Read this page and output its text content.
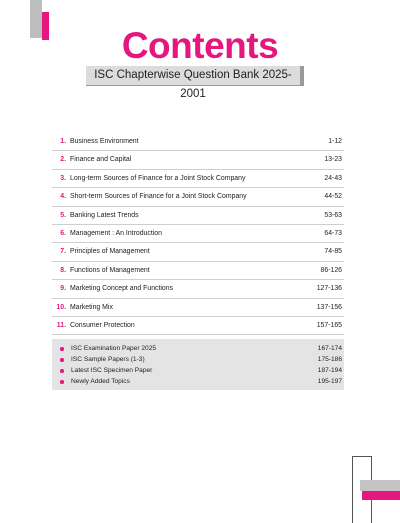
Contents
ISC Chapterwise Question Bank 2025-2001
1. Business Environment	1-12
2. Finance and Capital	13-23
3. Long-term Sources of Finance for a Joint Stock Company	24-43
4. Short-term Sources of Finance for a Joint Stock Company	44-52
5. Banking Latest Trends	53-63
6. Management : An Introduction	64-73
7. Principles of Management	74-85
8. Functions of Management	86-126
9. Marketing Concept and Functions	127-136
10. Marketing Mix	137-156
11. Consumer Protection	157-165
ISC Examination Paper 2025	167-174
ISC Sample Papers (1-3)	175-186
Latest ISC Specimen Paper	187-194
Newly Added Topics	195-197
